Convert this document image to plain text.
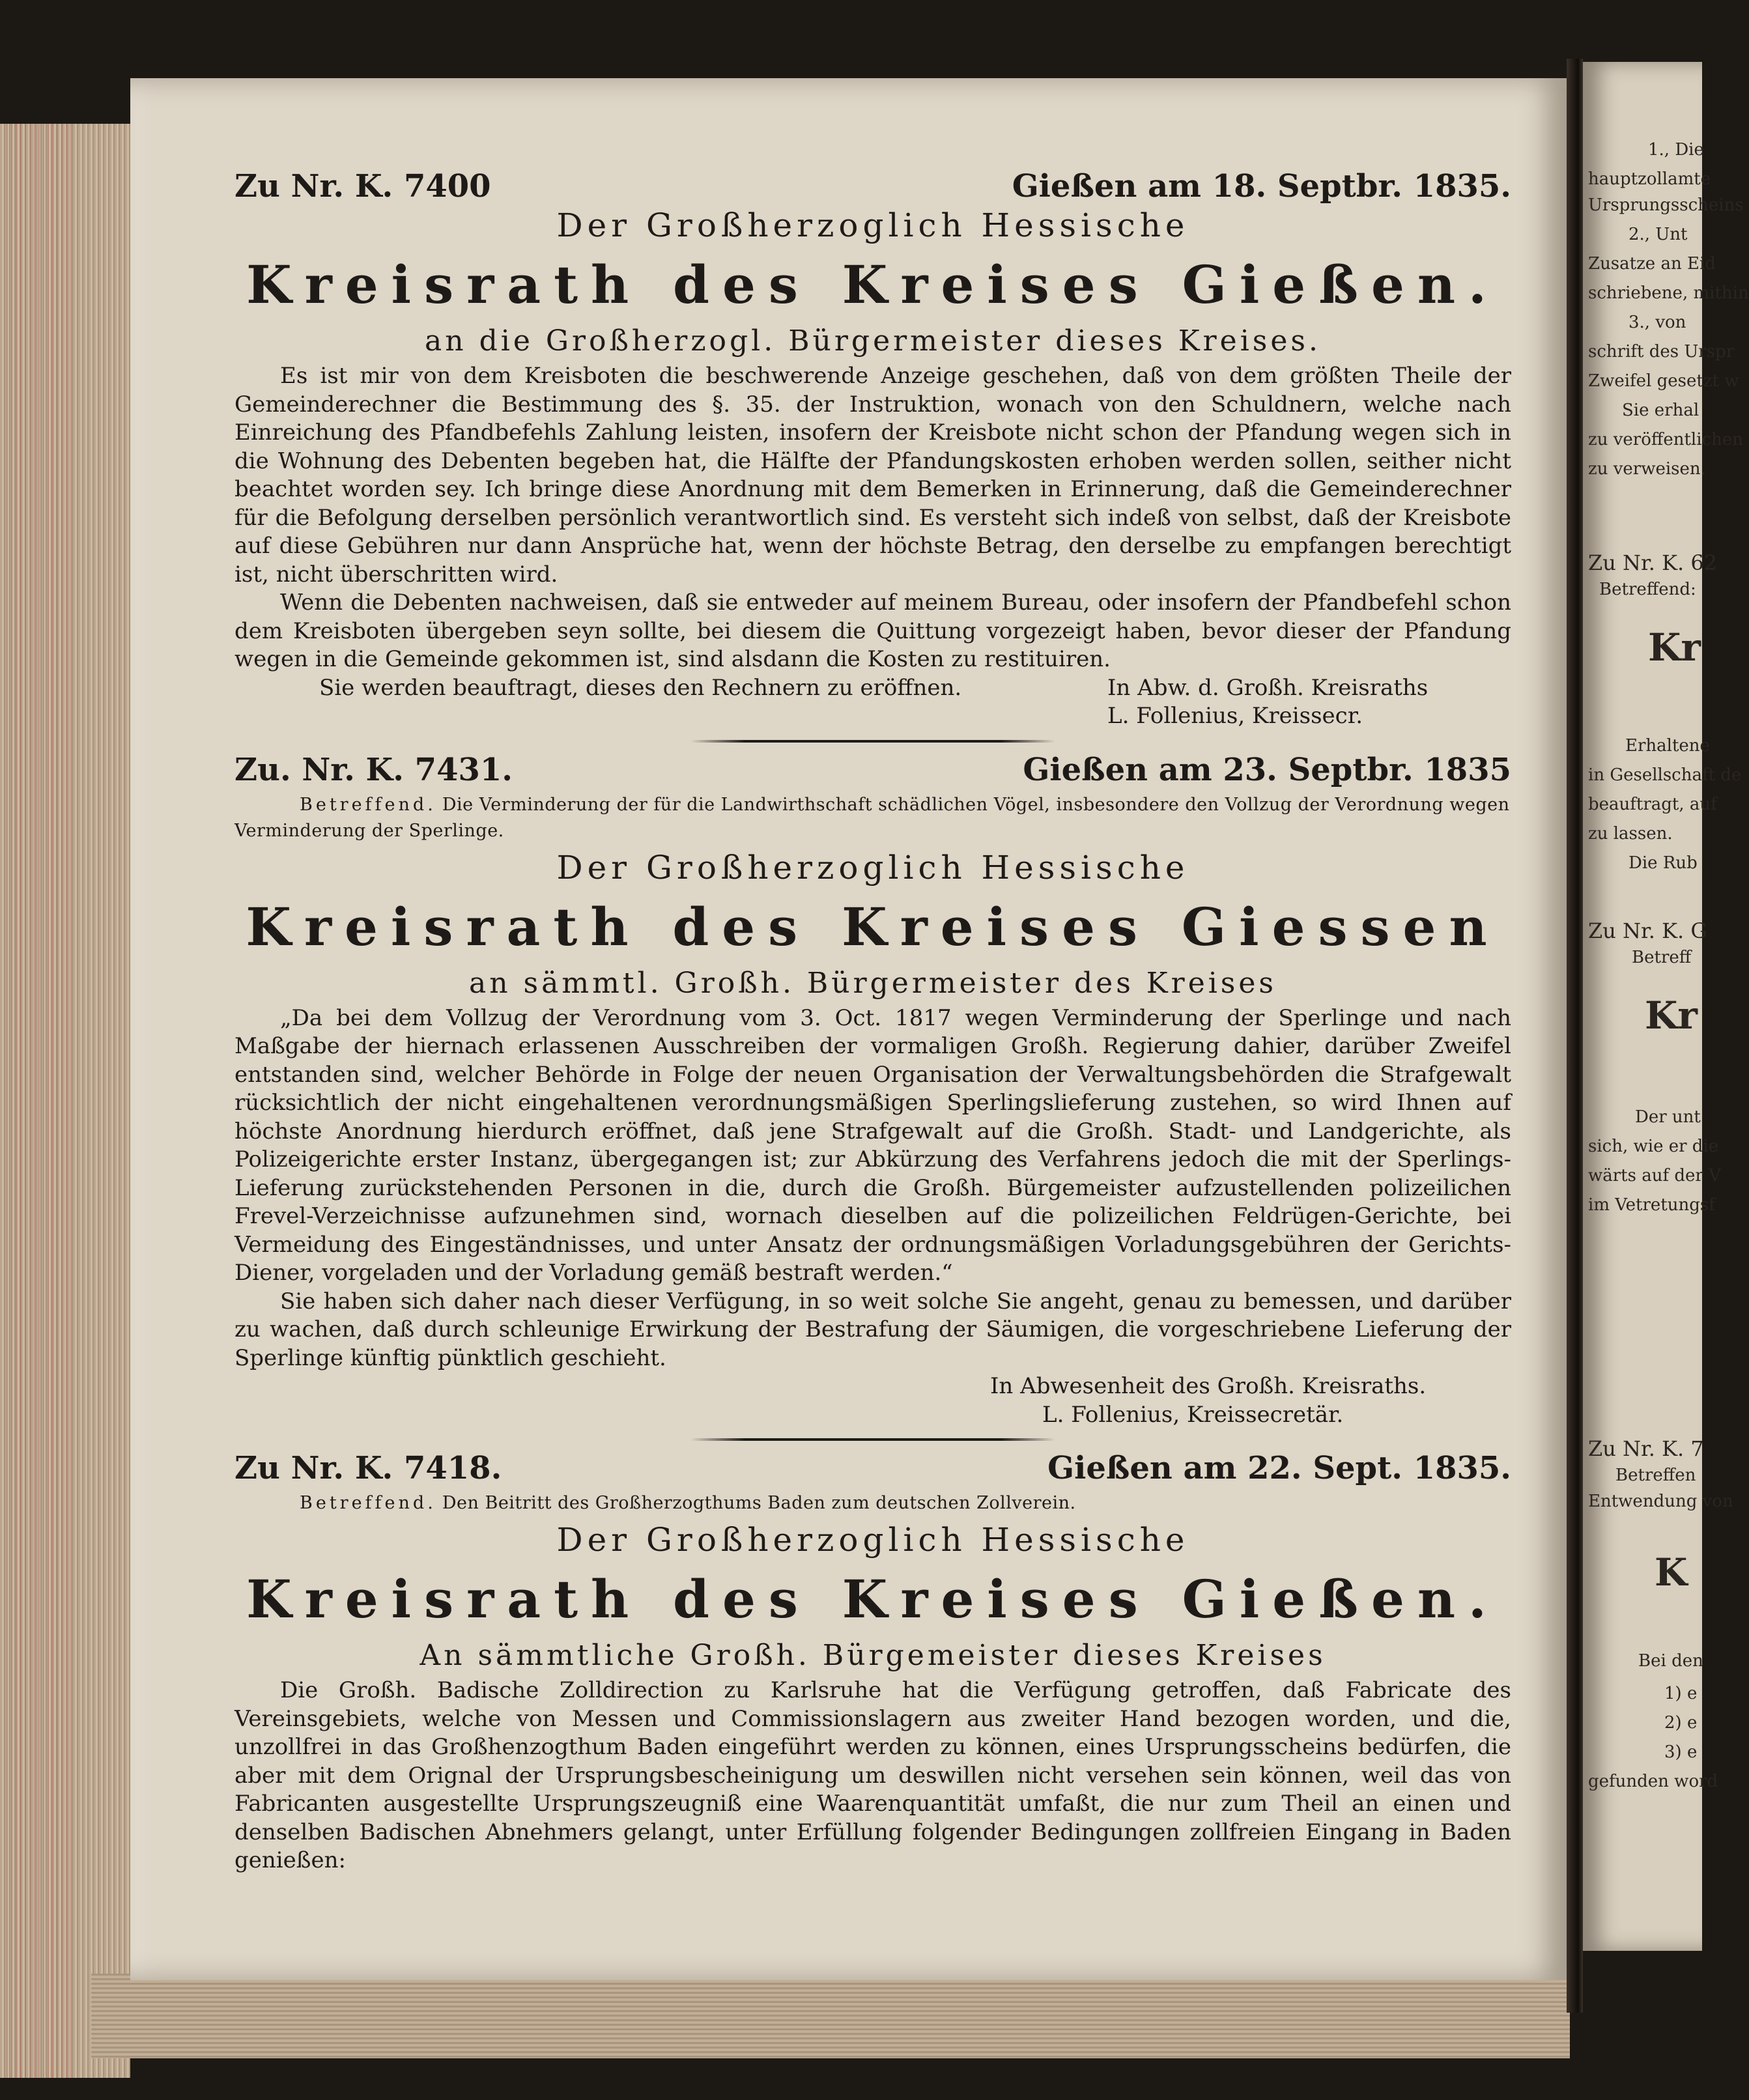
Zu Nr. K. 7400	Gießen am 18. Septbr. 1835.
Der Großherzoglich Hessische
Kreisrath des Kreises Gießen.
an die Großherzogl. Bürgermeister dieses Kreises.

Es ist mir von dem Kreisboten die beschwerende Anzeige geschehen, daß von dem größten Theile der Gemeinderechner die Bestimmung des §. 35. der Instruktion, wonach von den Schuldnern, welche nach Einreichung des Pfandbefehls Zahlung leisten, insofern der Kreisbote nicht schon der Pfandung wegen sich in die Wohnung des Debenten begeben hat, die Hälfte der Pfandungskosten erhoben werden sollen, seither nicht beachtet worden sey. Ich bringe diese Anordnung mit dem Bemerken in Erinnerung, daß die Gemeinderechner für die Befolgung derselben persönlich verantwortlich sind. Es versteht sich indeß von selbst, daß der Kreisbote auf diese Gebühren nur dann Ansprüche hat, wenn der höchste Betrag, den derselbe zu empfangen berechtigt ist, nicht überschritten wird.

Wenn die Debenten nachweisen, daß sie entweder auf meinem Bureau, oder insofern der Pfandbefehl schon dem Kreisboten übergeben seyn sollte, bei diesem die Quittung vorgezeigt haben, bevor dieser der Pfandung wegen in die Gemeinde gekommen ist, sind alsdann die Kosten zu restituiren.

Sie werden beauftragt, dieses den Rechnern zu eröffnen.	In Abw. d. Großh. Kreisraths
L. Follenius, Kreissecr.
Zu. Nr. K. 7431.	Gießen am 23. Septbr. 1835
Betreffend. Die Verminderung der für die Landwirthschaft schädlichen Vögel, insbesondere den Vollzug der Verordnung wegen Verminderung der Sperlinge.
Der Großherzoglich Hessische
Kreisrath des Kreises Giessen
an sämmtl. Großh. Bürgermeister des Kreises

„Da bei dem Vollzug der Verordnung vom 3. Oct. 1817 wegen Verminderung der Sperlinge und nach Maßgabe der hiernach erlassenen Ausschreiben der vormaligen Großh. Regierung dahier, darüber Zweifel entstanden sind, welcher Behörde in Folge der neuen Organisation der Verwaltungsbehörden die Strafgewalt rücksichtlich der nicht eingehaltenen verordnungsmäßigen Sperlingslieferung zustehen, so wird Ihnen auf höchste Anordnung hierdurch eröffnet, daß jene Strafgewalt auf die Großh. Stadt- und Landgerichte, als Polizeigerichte erster Instanz, übergegangen ist; zur Abkürzung des Verfahrens jedoch die mit der Sperlings-Lieferung zurückstehenden Personen in die, durch die Großh. Bürgemeister aufzustellenden polizeilichen Frevel-Verzeichnisse aufzunehmen sind, wornach dieselben auf die polizeilichen Feldrügen-Gerichte, bei Vermeidung des Eingeständnisses, und unter Ansatz der ordnungsmäßigen Vorladungsgebühren der Gerichts-Diener, vorgeladen und der Vorladung gemäß bestraft werden.“

Sie haben sich daher nach dieser Verfügung, in so weit solche Sie angeht, genau zu bemessen, und darüber zu wachen, daß durch schleunige Erwirkung der Bestrafung der Säumigen, die vorgeschriebene Lieferung der Sperlinge künftig pünktlich geschieht.

In Abwesenheit des Großh. Kreisraths.
L. Follenius, Kreissecretär.
Zu Nr. K. 7418.	Gießen am 22. Sept. 1835.
Betreffend. Den Beitritt des Großherzogthums Baden zum deutschen Zollverein.
Der Großherzoglich Hessische
Kreisrath des Kreises Gießen.
An sämmtliche Großh. Bürgemeister dieses Kreises

Die Großh. Badische Zolldirection zu Karlsruhe hat die Verfügung getroffen, daß Fabricate des Vereinsgebiets, welche von Messen und Commissionslagern aus zweiter Hand bezogen worden, und die, unzollfrei in das Großhenzogthum Baden eingeführt werden zu können, eines Ursprungsscheins bedürfen, die aber mit dem Orignal der Ursprungsbescheinigung um deswillen nicht versehen sein können, weil das von Fabricanten ausgestellte Ursprungszeugniß eine Waarenquantität umfaßt, die nur zum Theil an einen und denselben Badischen Abnehmers gelangt, unter Erfüllung folgender Bedingungen zollfreien Eingang in Baden genießen:

1., Die
hauptzollamte
Ursprungsscheins
2., Unt
Zusatze an Eid
schriebene, mithin
3., von
schrift des Urspr
Zweifel gesetzt w
Sie erhal
zu veröffentlichen
zu verweisen.
Zu Nr. K. 62
Betreffend:
Kr
Erhaltene
in Gesellschaft de
beauftragt, auf
zu lassen.
Die Rub
Zu Nr. K. G
Betreff
Kr
Der unt
sich, wie er die
wärts auf der V
im Vetretungsf
Zu Nr. K. 7
Betreffen
Entwendung von
K
Bei den
1) e
2) e
3) e
gefunden word
